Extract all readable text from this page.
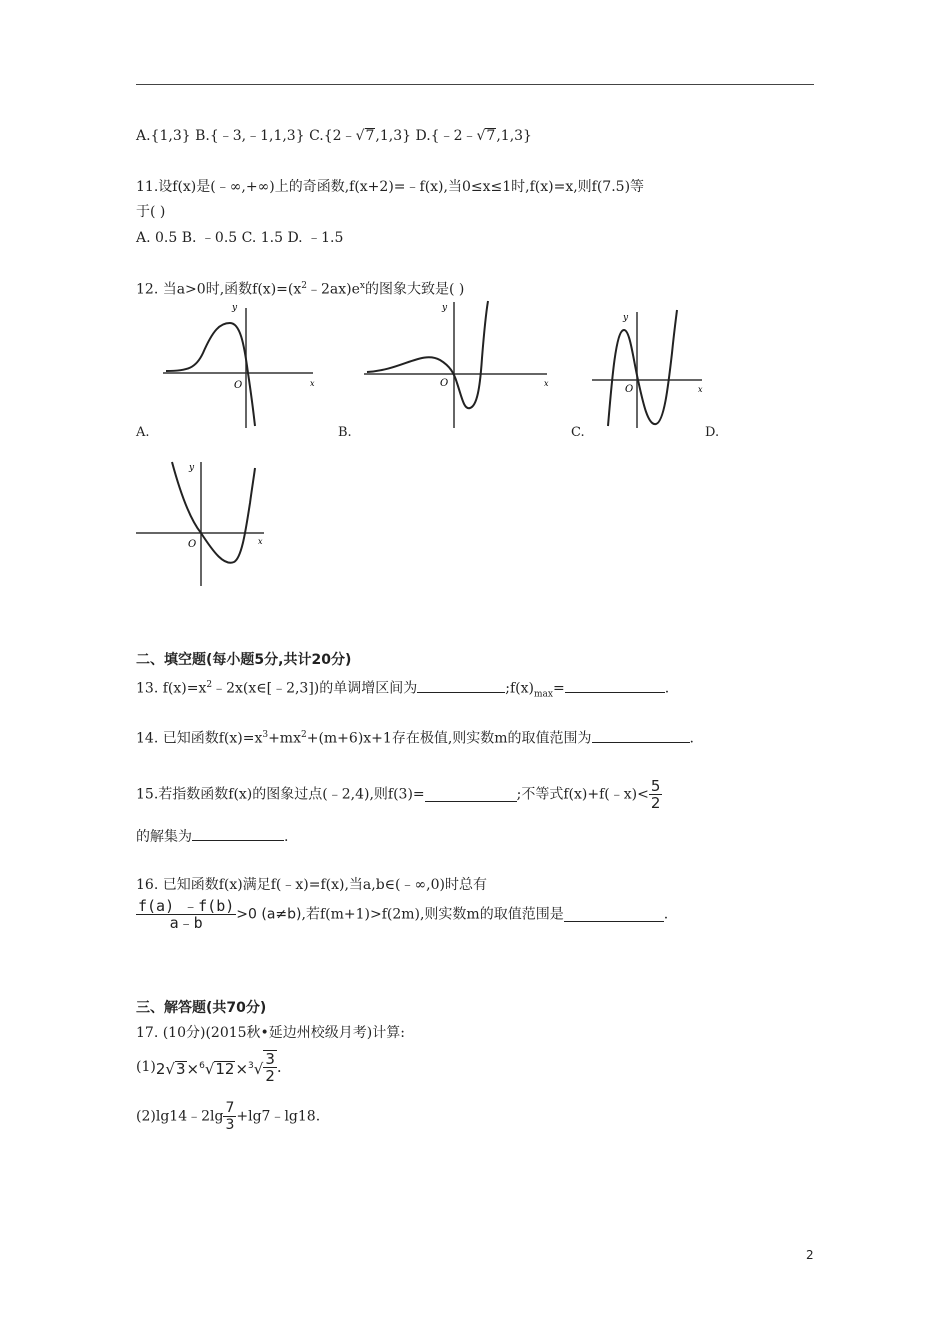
A.{1,3} B.{﹣3,﹣1,1,3} C.{2﹣√7,1,3} D.{﹣2﹣√7,1,3}
11.设f(x)是(﹣∞,+∞)上的奇函数,f(x+2)=﹣f(x),当0≤x≤1时,f(x)=x,则f(7.5)等
于( )
A. 0.5 B. ﹣0.5 C. 1.5 D. ﹣1.5
12. 当a>0时,函数$f(x)=(x^2﹣2ax)e^x$的图象大致是( )
y
x
O
y
x
O
y
x
O
A.	B.	C.	D.
y
x
O
二、填空题(每小题5分,共计20分)
13. $f(x)=x^2﹣2x(x\in[﹣2,3])$的单调增区间为	$;f(x)_{max}=$	.
14. 已知函数$f(x)=x^3+mx^2+(m+6)x+1$存在极值,则实数m的取值范围为	.
15.若指数函数f(x)的图象过点(﹣2,4),则f(3)=	;不等式f(x)+f(﹣x)< $\frac{5}{2}$
的解集为	.
16. 已知函数f(x)满足f(﹣x)=f(x),当a,b∈(﹣∞,0)时总有
$\frac{f(a) ﹣f(b)}{a﹣b} >0$ (a≠b),若f(m+1)>f(2m),则实数m的取值范围是	.
三、解答题(共70分)
17. (10分)(2015秋•延边州校级月考)计算:
$(1)2√3\times^6√12\times^3√ \frac{3}{2}$ .
(2)lg14﹣2lg $\frac{7}{3}$ +lg7﹣lg18.
2
